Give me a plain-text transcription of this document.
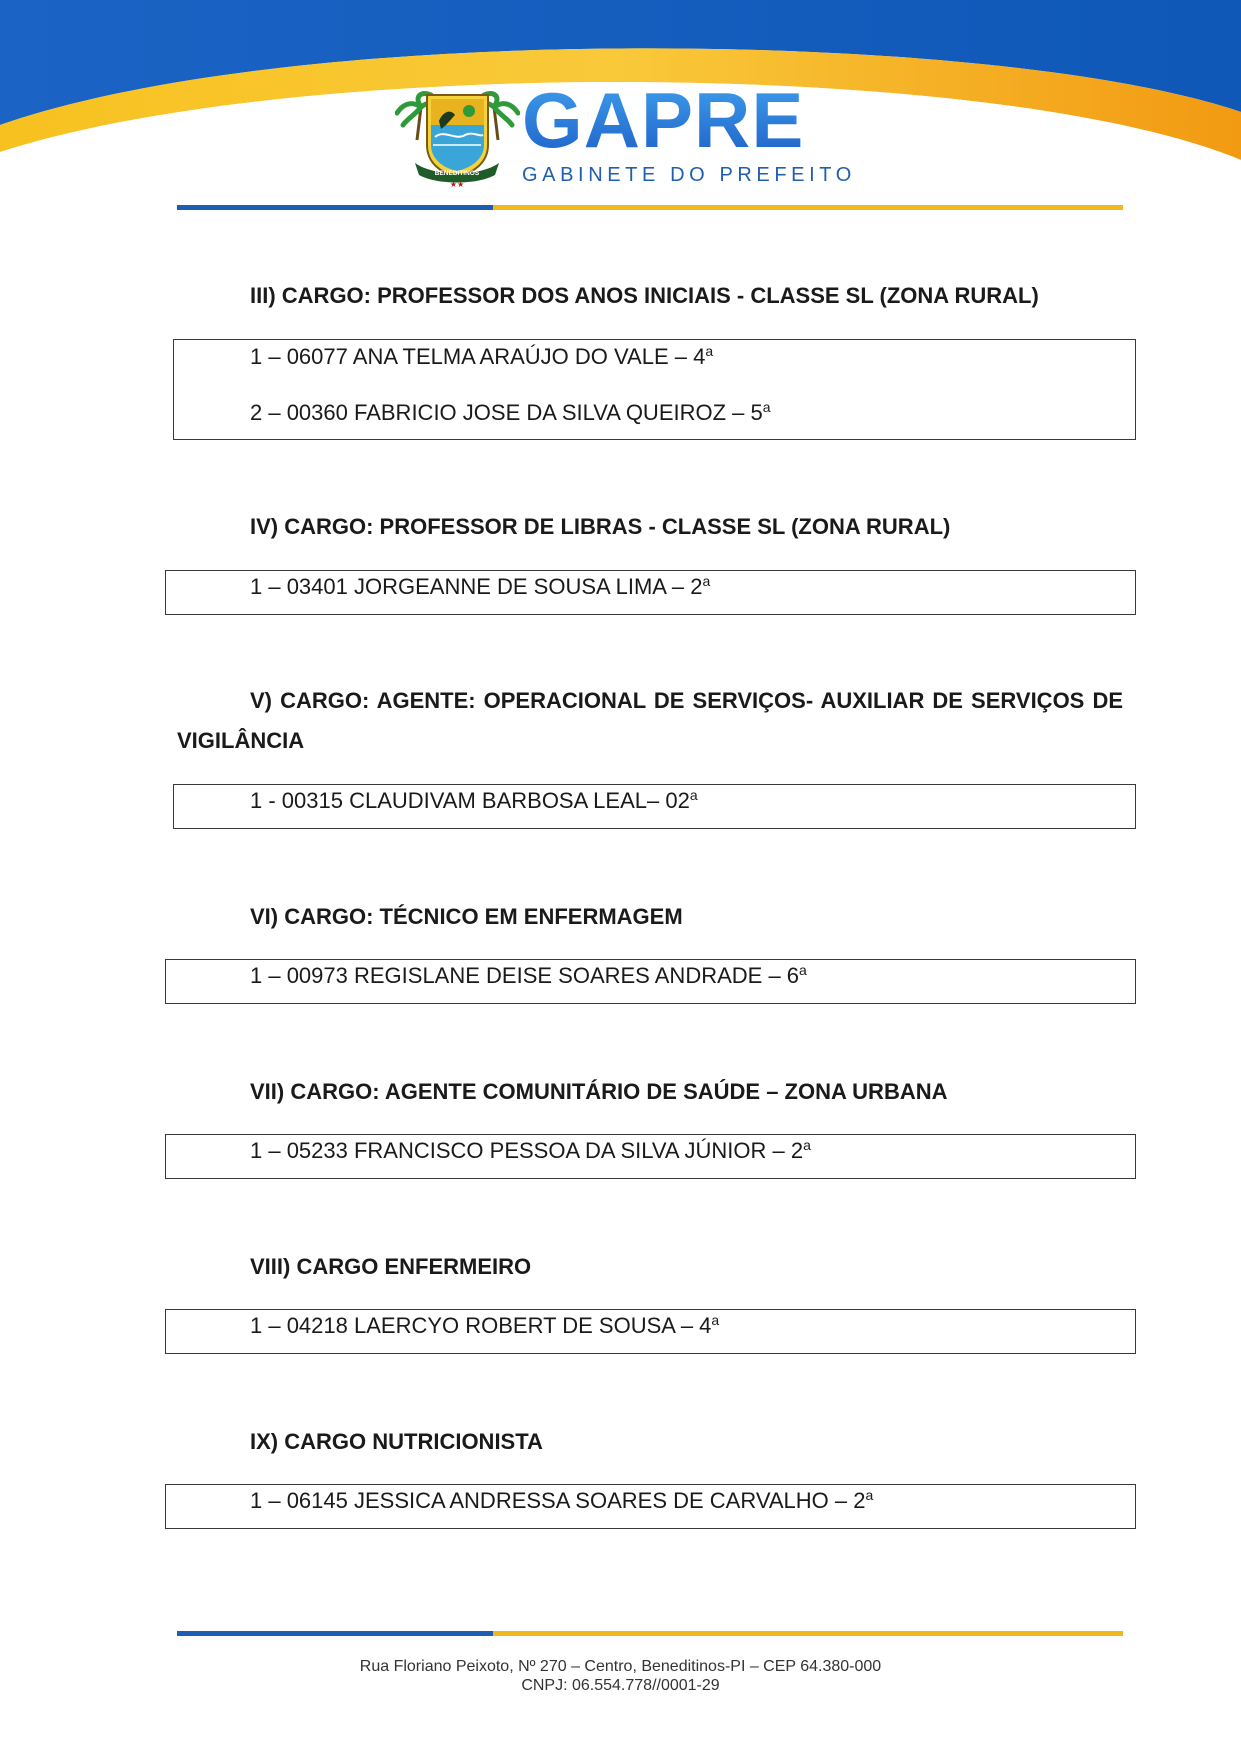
BENEDITINOS
★★
GAPRE
GABINETE DO PREFEITO
III) CARGO: PROFESSOR DOS ANOS INICIAIS - CLASSE SL (ZONA RURAL)
1 – 06077 ANA TELMA ARAÚJO DO VALE – 4$^a$
2 – 00360 FABRICIO JOSE DA SILVA QUEIROZ – 5$^a$
IV) CARGO: PROFESSOR DE LIBRAS - CLASSE SL (ZONA RURAL)
1 – 03401 JORGEANNE DE SOUSA LIMA – 2$^a$
V) CARGO: AGENTE: OPERACIONAL DE SERVIÇOS- AUXILIAR DE SERVIÇOS DE VIGILÂNCIA
1 - 00315 CLAUDIVAM BARBOSA LEAL– 02$^a$
VI) CARGO: TÉCNICO EM ENFERMAGEM
1 – 00973 REGISLANE DEISE SOARES ANDRADE – 6$^a$
VII) CARGO: AGENTE COMUNITÁRIO DE SAÚDE – ZONA URBANA
1 – 05233 FRANCISCO PESSOA DA SILVA JÚNIOR – 2$^a$
VIII) CARGO ENFERMEIRO
1 – 04218 LAERCYO ROBERT DE SOUSA – 4$^a$
IX) CARGO NUTRICIONISTA
1 – 06145 JESSICA ANDRESSA SOARES DE CARVALHO – 2$^a$
Rua Floriano Peixoto, Nº 270 – Centro, Beneditinos-PI – CEP 64.380-000
CNPJ: 06.554.778//0001-29
